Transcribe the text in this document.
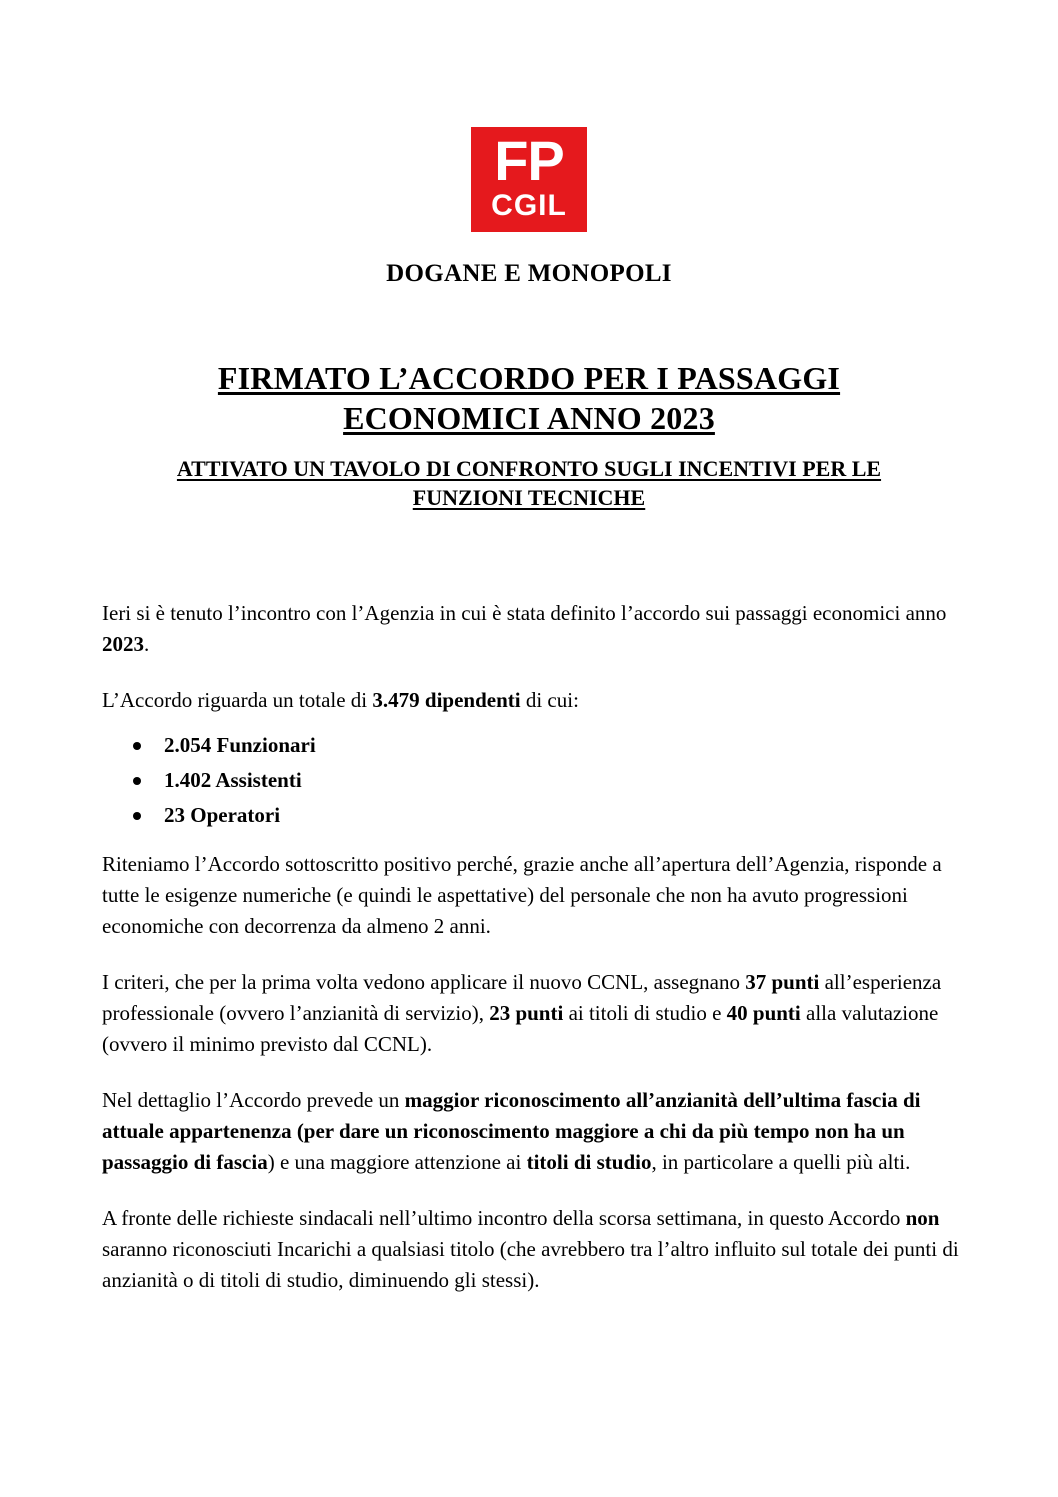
FP
CGIL
DOGANE E MONOPOLI
FIRMATO L’ACCORDO PER I PASSAGGI
ECONOMICI ANNO 2023
ATTIVATO UN TAVOLO DI CONFRONTO SUGLI INCENTIVI PER LE
FUNZIONI TECNICHE

Ieri si è tenuto l’incontro con l’Agenzia in cui è stata definito l’accordo sui passaggi economici anno 2023.

L’Accordo riguarda un totale di 3.479 dipendenti di cui:

2.054 Funzionari
1.402 Assistenti
23 Operatori

Riteniamo l’Accordo sottoscritto positivo perché, grazie anche all’apertura dell’Agenzia, risponde a tutte le esigenze numeriche (e quindi le aspettative) del personale che non ha avuto progressioni economiche con decorrenza da almeno 2 anni.

I criteri, che per la prima volta vedono applicare il nuovo CCNL, assegnano 37 punti all’esperienza professionale (ovvero l’anzianità di servizio), 23 punti ai titoli di studio e 40 punti alla valutazione (ovvero il minimo previsto dal CCNL).

Nel dettaglio l’Accordo prevede un maggior riconoscimento all’anzianità dell’ultima fascia di attuale appartenenza (per dare un riconoscimento maggiore a chi da più tempo non ha un passaggio di fascia) e una maggiore attenzione ai titoli di studio, in particolare a quelli più alti.

A fronte delle richieste sindacali nell’ultimo incontro della scorsa settimana, in questo Accordo non saranno riconosciuti Incarichi a qualsiasi titolo (che avrebbero tra l’altro influito sul totale dei punti di anzianità o di titoli di studio, diminuendo gli stessi).
